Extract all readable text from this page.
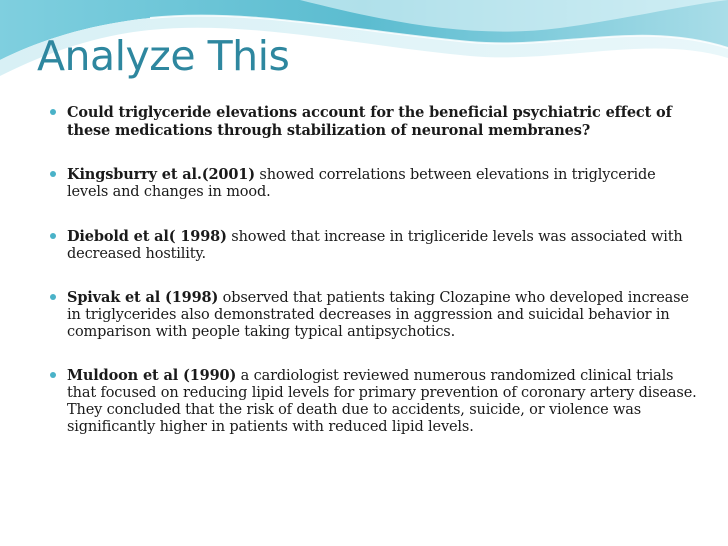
Analyze This
Could triglyceride elevations account for the beneficial psychiatric effect of these medications through stabilization of neuronal membranes?
Kingsburry et al.(2001) showed correlations between elevations in triglyceride levels and changes in mood.
Diebold et al( 1998) showed that increase in trigliceride levels was associated with decreased hostility.
Spivak et al (1998) observed that patients taking Clozapine who developed increase in triglycerides also demonstrated decreases in aggression and suicidal behavior in comparison with people taking typical antipsychotics.
Muldoon et al (1990) a cardiologist reviewed numerous randomized clinical trials that focused on reducing lipid levels for primary prevention of coronary artery disease. They concluded that the risk of death due to accidents, suicide, or violence was significantly higher in patients with reduced lipid levels.
